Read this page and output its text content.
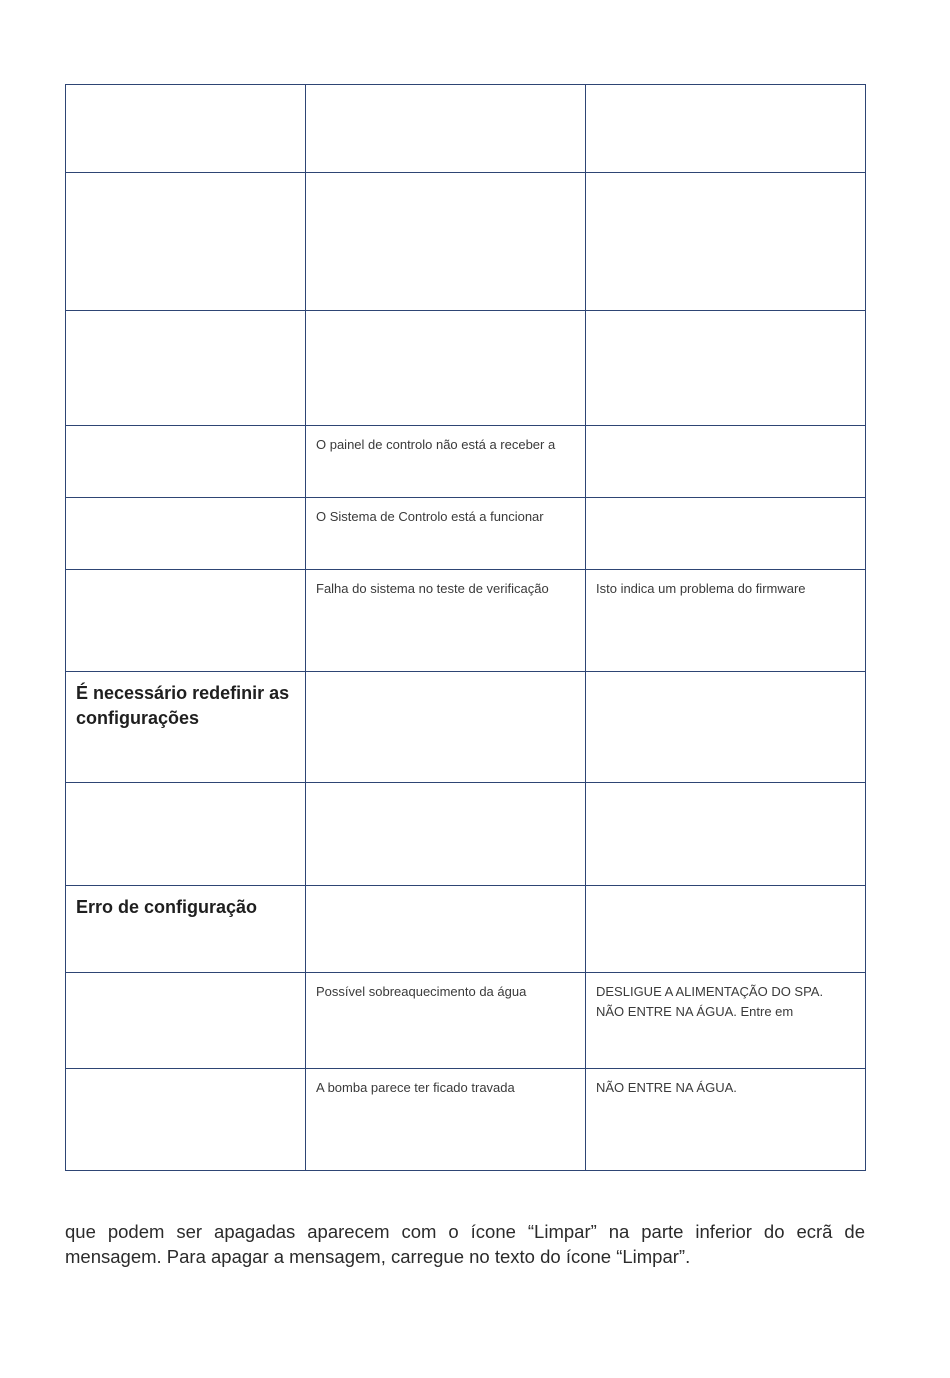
	O painel de controlo não está a receber a	

	O Sistema de Controlo está a funcionar	

	Falha do sistema no teste de verificação	Isto indica um problema do firmware

É necessário redefinir as configurações		

Erro de configuração		

	Possível sobreaquecimento da água	DESLIGUE A ALIMENTAÇÃO DO SPA.
NÃO ENTRE NA ÁGUA. Entre em

	A bomba parece ter ficado travada	NÃO ENTRE NA ÁGUA.

que podem ser apagadas aparecem com o ícone “Limpar” na parte inferior do ecrã de mensagem. Para apagar a mensagem, carregue no texto do ícone “Limpar”.
